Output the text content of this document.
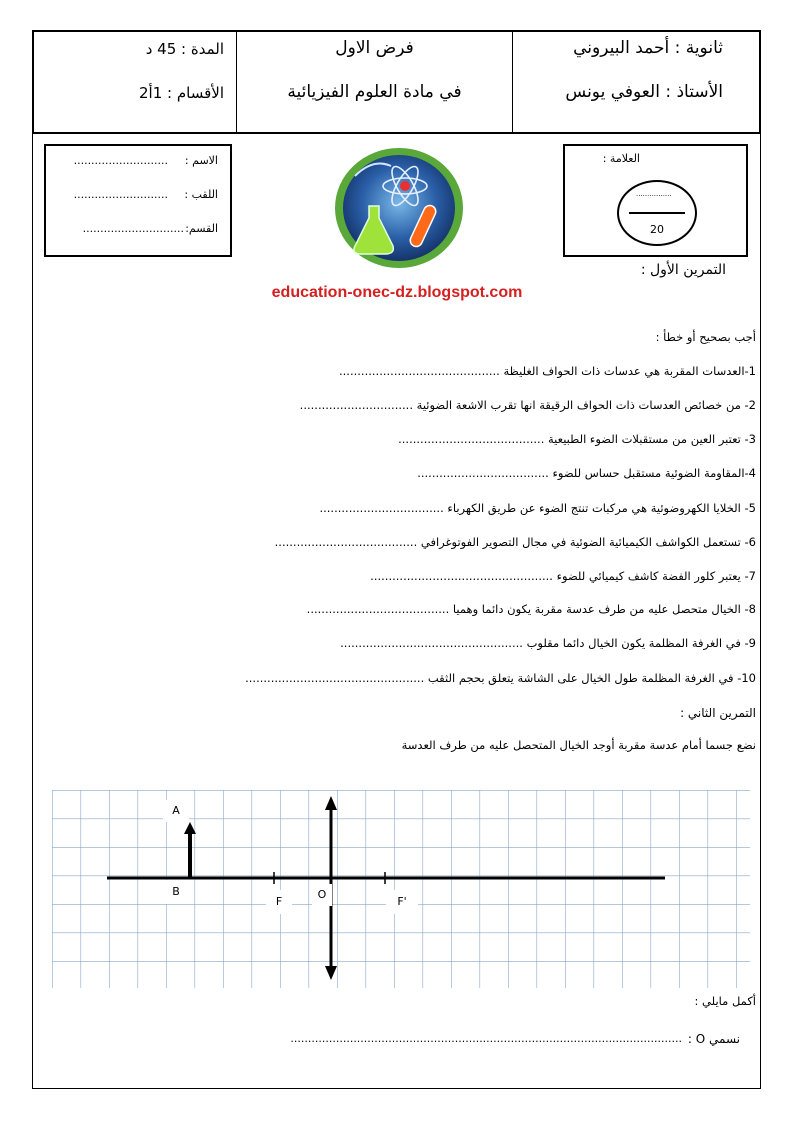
المدة : 45 د
الأقسام : 1أ2
فرض الاول
في مادة العلوم الفيزيائية
ثانوية : أحمد البيروني
الأستاذ : العوفي يونس
الاسم :
...........................
اللقب :
...........................
القسم:
.............................
العلامة :
................
20
التمرين الأول :
education-onec-dz.blogspot.com
أجب بصحيح أو خطأ :
1-العدسات المقربة هي عدسات ذات الحواف الغليظة ............................................
2- من خصائص العدسات ذات الحواف الرقيقة انها تقرب الاشعة الضوئية ...............................
3- تعتبر العين من مستقبلات الضوء الطبيعية ........................................
4-المقاومة الضوئية مستقبل حساس للضوء ....................................
5- الخلايا الكهروضوئية هي مركبات تنتج الضوء عن طريق الكهرباء ..................................
6- تستعمل الكواشف الكيميائية الضوئية في مجال التصوير الفوتوغرافي .......................................
7- يعتبر كلور الفضة كاشف كيميائي للضوء ..................................................
8- الخيال متحصل عليه من طرف عدسة مقربة يكون دائما وهميا .......................................
9- في الغرفة المظلمة يكون الخيال دائما مقلوب ..................................................
10- في الغرفة المظلمة طول الخيال على الشاشة يتعلق بحجم الثقب .................................................
التمرين الثاني :
نضع جسما أمام عدسة مقربة أوجد الخيال المتحصل عليه من طرف العدسة
A
B
F
O
F'
أكمل مايلي :
نسمي O :
................................................................................................................
